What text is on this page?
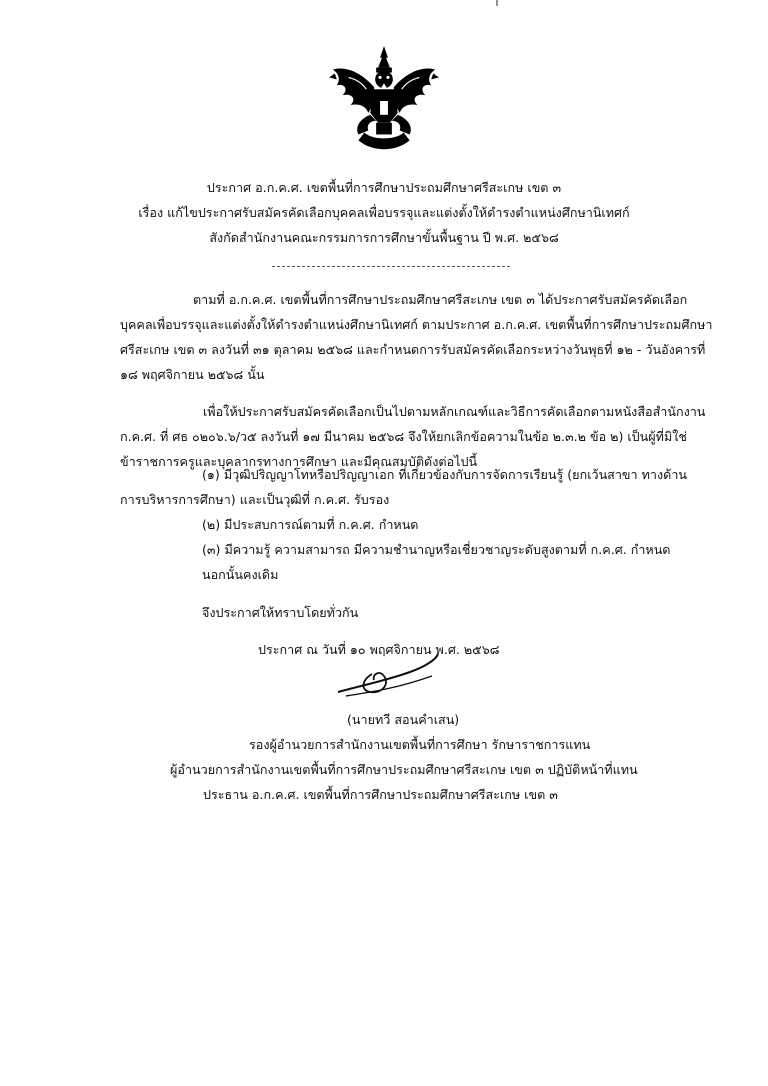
ประกาศ อ.ก.ค.ศ. เขตพื้นที่การศึกษาประถมศึกษาศรีสะเกษ เขต ๓
เรื่อง แก้ไขประกาศรับสมัครคัดเลือกบุคคลเพื่อบรรจุและแต่งตั้งให้ดำรงตำแหน่งศึกษานิเทศก์
สังกัดสำนักงานคณะกรรมการการศึกษาขั้นพื้นฐาน ปี พ.ศ. ๒๕๖๘
ตามที่ อ.ก.ค.ศ. เขตพื้นที่การศึกษาประถมศึกษาศรีสะเกษ เขต ๓ ได้ประกาศรับสมัครคัดเลือก
บุคคลเพื่อบรรจุและแต่งตั้งให้ดำรงตำแหน่งศึกษานิเทศก์ ตามประกาศ อ.ก.ค.ศ. เขตพื้นที่การศึกษาประถมศึกษา
ศรีสะเกษ เขต ๓ ลงวันที่ ๓๑ ตุลาคม ๒๕๖๘ และกำหนดการรับสมัครคัดเลือกระหว่างวันพุธที่ ๑๒ - วันอังคารที่
๑๘ พฤศจิกายน ๒๕๖๘ นั้น
เพื่อให้ประกาศรับสมัครคัดเลือกเป็นไปตามหลักเกณฑ์และวิธีการคัดเลือกตามหนังสือสำนักงาน
ก.ค.ศ. ที่ ศธ ๐๒๐๖.๖/ว๕ ลงวันที่ ๑๗ มีนาคม ๒๕๖๘ จึงให้ยกเลิกข้อความในข้อ ๒.๓.๒ ข้อ ๒) เป็นผู้ที่มิใช่
ข้าราชการครูและบุคลากรทางการศึกษา และมีคุณสมบัติดังต่อไปนี้
(๑) มีวุฒิปริญญาโทหรือปริญญาเอก ที่เกี่ยวข้องกับการจัดการเรียนรู้ (ยกเว้นสาขา ทางด้าน
การบริหารการศึกษา) และเป็นวุฒิที่ ก.ค.ศ. รับรอง
(๒) มีประสบการณ์ตามที่ ก.ค.ศ. กำหนด
(๓) มีความรู้ ความสามารถ มีความชำนาญหรือเชี่ยวชาญระดับสูงตามที่ ก.ค.ศ. กำหนด
นอกนั้นคงเดิม
จึงประกาศให้ทราบโดยทั่วกัน
ประกาศ ณ วันที่ ๑๐ พฤศจิกายน พ.ศ. ๒๕๖๘
(นายทวี สอนคำเสน)
รองผู้อำนวยการสำนักงานเขตพื้นที่การศึกษา รักษาราชการแทน
ผู้อำนวยการสำนักงานเขตพื้นที่การศึกษาประถมศึกษาศรีสะเกษ เขต ๓ ปฏิบัติหน้าที่แทน
ประธาน อ.ก.ค.ศ. เขตพื้นที่การศึกษาประถมศึกษาศรีสะเกษ เขต ๓
